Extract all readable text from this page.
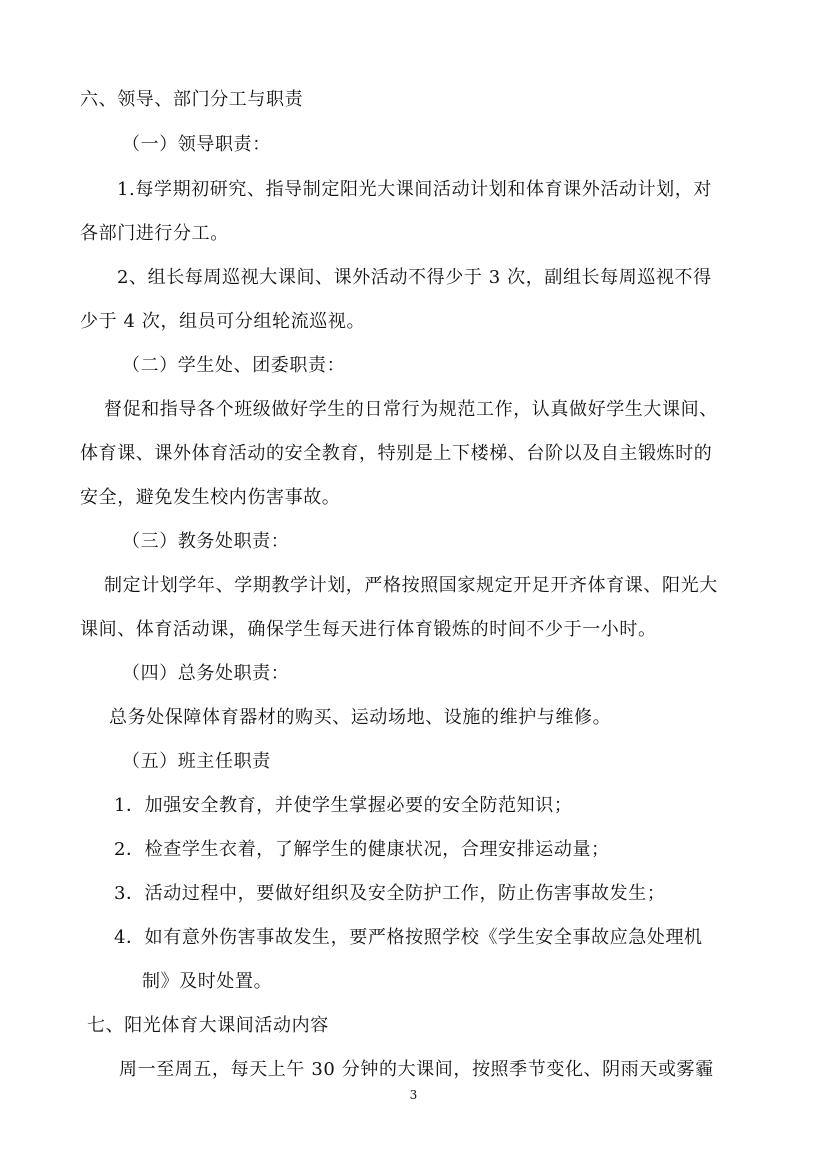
六、领导、部门分工与职责
（一）领导职责：
1.每学期初研究、指导制定阳光大课间活动计划和体育课外活动计划，对
各部门进行分工。
2、组长每周巡视大课间、课外活动不得少于 3 次，副组长每周巡视不得
少于 4 次，组员可分组轮流巡视。
（二）学生处、团委职责：
督促和指导各个班级做好学生的日常行为规范工作，认真做好学生大课间、
体育课、课外体育活动的安全教育，特别是上下楼梯、台阶以及自主锻炼时的
安全，避免发生校内伤害事故。
（三）教务处职责：
制定计划学年、学期教学计划，严格按照国家规定开足开齐体育课、阳光大
课间、体育活动课，确保学生每天进行体育锻炼的时间不少于一小时。
（四）总务处职责：
总务处保障体育器材的购买、运动场地、设施的维护与维修。
（五）班主任职责
1．加强安全教育，并使学生掌握必要的安全防范知识；
2．检查学生衣着，了解学生的健康状况，合理安排运动量；
3．活动过程中，要做好组织及安全防护工作，防止伤害事故发生；
4．如有意外伤害事故发生，要严格按照学校《学生安全事故应急处理机
制》及时处置。
七、阳光体育大课间活动内容
周一至周五，每天上午 30 分钟的大课间，按照季节变化、阴雨天或雾霾
3
